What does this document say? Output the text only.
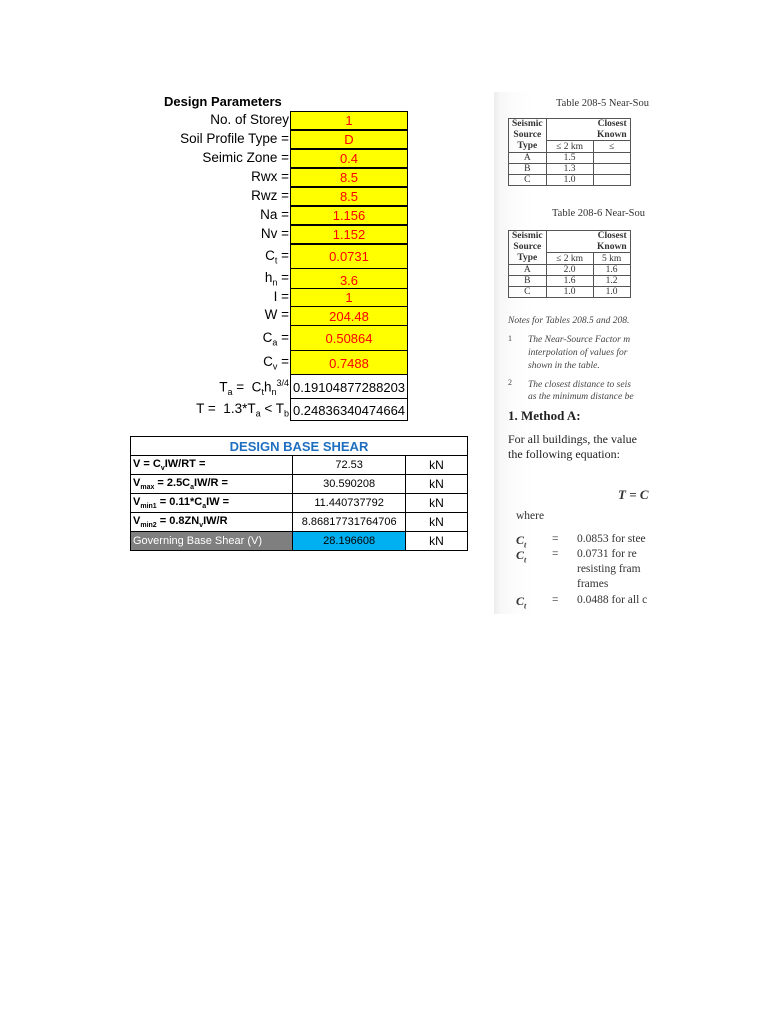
Design Parameters
No. of Storey	1
Soil Profile Type =	D
Seimic Zone =	0.4
Rwx =	8.5
Rwz =	8.5
Na =	1.156
Nv =	1.152
$C_t$ =	0.0731
$h_n$ =	3.6
I =	1
W =	204.48
$C_a$ =	0.50864
$C_v$ =	0.7488
$T_a = C_th_n^{3/4}$ 0.19104877288203
$T = 1.3*T_a < T_b$ 0.24836340474664
DESIGN BASE SHEAR		
$V = C_vIW/RT$ =	72.53	kN
$V_{max} = 2.5C_aIW/R$ =	30.590208	kN
$V_{min1} = 0.11*C_aIW$ =	11.440737792	kN
$V_{min2} = 0.8ZN_vIW/R$	8.86817731764706	kN
Governing Base Shear (V)	28.196608	kN
Table 208-5 Near-Sou
Seismic
Source
Type	Closest	
	Known	
	≤ 2 km	≤
A	1.5	
B	1.3	
C	1.0	
Table 208-6 Near-Sou
Seismic
Source
Type	Closest	
	Known	
	≤ 2 km	5 km
A	2.0	1.6
B	1.6	1.2
C	1.0	1.0
Notes for Tables 208.5 and 208.
1 The Near-Source Factor m
interpolation of values for
shown in the table.
2 The closest distance to seis
as the minimum distance be
1. Method A:
For all buildings, the value
the following equation:
T = C
where
$C_t = 0.0853$ for stee
$C_t = 0.0731$ for re
resisting fram
frames
$C_t = 0.0488$ for all c
